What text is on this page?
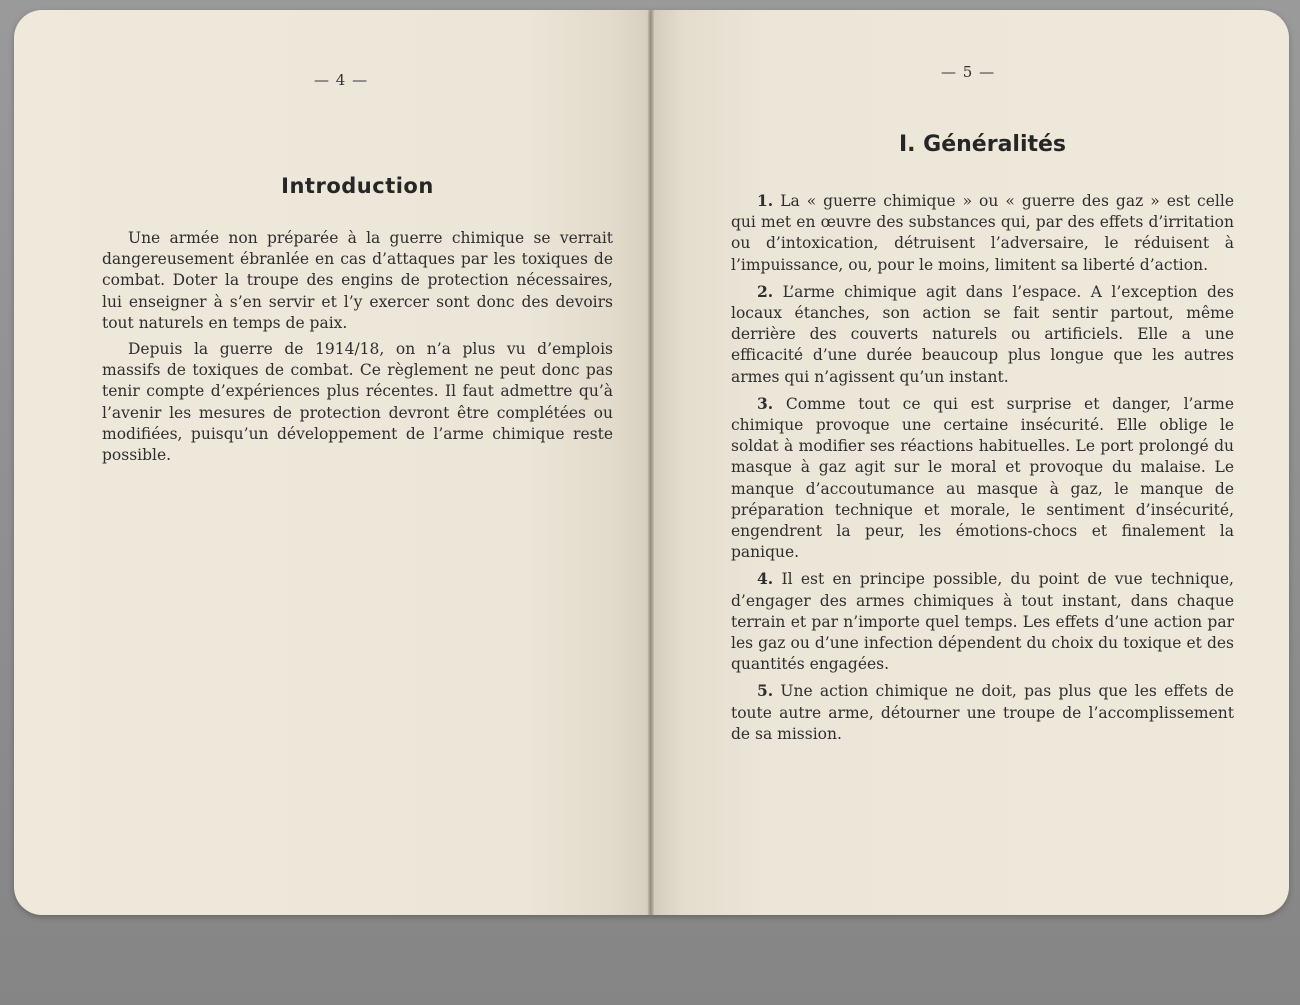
— 4 —
Introduction

Une armée non préparée à la guerre chimique se verrait dangereusement ébranlée en cas d’attaques par les toxiques de combat. Doter la troupe des engins de protection nécessaires, lui enseigner à s’en servir et l’y exercer sont donc des devoirs tout naturels en temps de paix.

Depuis la guerre de 1914/18, on n’a plus vu d’emplois massifs de toxiques de combat. Ce règlement ne peut donc pas tenir compte d’expériences plus récentes. Il faut admettre qu’à l’avenir les mesures de protection devront être complétées ou modifiées, puisqu’un développement de l’arme chimique reste possible.

— 5 —
I. Généralités

1. La « guerre chimique » ou « guerre des gaz » est celle qui met en œuvre des substances qui, par des effets d’irritation ou d’intoxication, détruisent l’adversaire, le réduisent à l’impuissance, ou, pour le moins, limitent sa liberté d’action.

2. L’arme chimique agit dans l’espace. A l’exception des locaux étanches, son action se fait sentir partout, même derrière des couverts naturels ou artificiels. Elle a une efficacité d’une durée beaucoup plus longue que les autres armes qui n’agissent qu’un instant.

3. Comme tout ce qui est surprise et danger, l’arme chimique provoque une certaine insécurité. Elle oblige le soldat à modifier ses réactions habituelles. Le port prolongé du masque à gaz agit sur le moral et provoque du malaise. Le manque d’accoutumance au masque à gaz, le manque de préparation technique et morale, le sentiment d’insécurité, engendrent la peur, les émotions-chocs et finalement la panique.

4. Il est en principe possible, du point de vue technique, d’engager des armes chimiques à tout instant, dans chaque terrain et par n’importe quel temps. Les effets d’une action par les gaz ou d’une infection dépendent du choix du toxique et des quantités engagées.

5. Une action chimique ne doit, pas plus que les effets de toute autre arme, détourner une troupe de l’accomplissement de sa mission.
